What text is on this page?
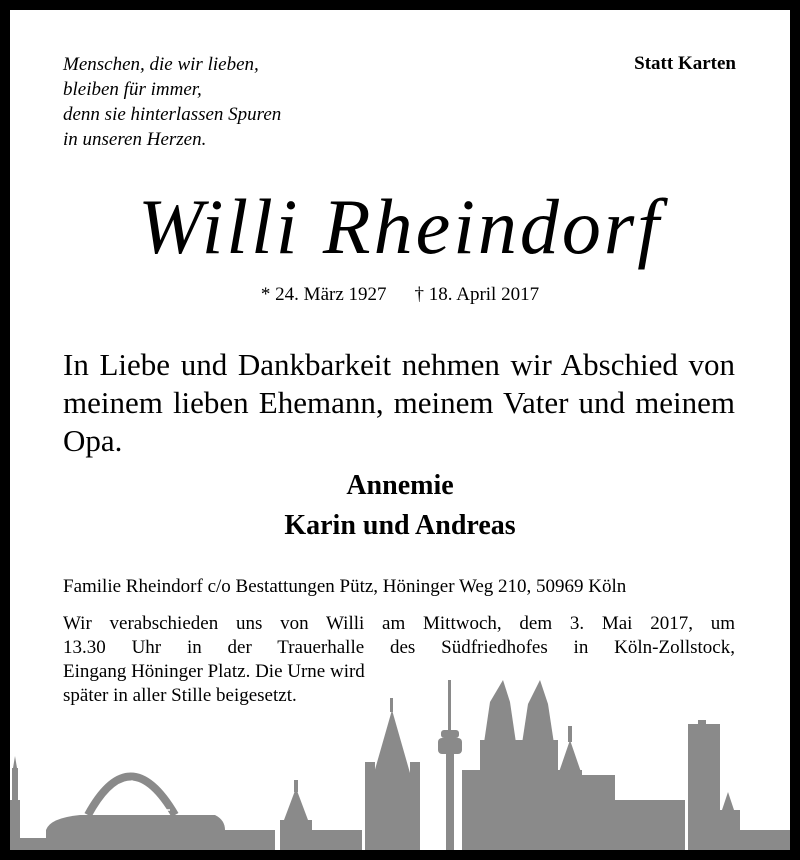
Menschen, die wir lieben,
bleiben für immer,
denn sie hinterlassen Spuren
in unseren Herzen.
Statt Karten
Willi Rheindorf
* 24. März 1927 † 18. April 2017
In Liebe und Dankbarkeit nehmen wir Abschied von meinem lieben Ehemann, meinem Vater und meinem Opa.
Annemie
Karin und Andreas
Familie Rheindorf c/o Bestattungen Pütz, Höninger Weg 210, 50969 Köln
Wir verabschieden uns von Willi am Mittwoch, dem 3. Mai 2017, um
13.30 Uhr in der Trauerhalle des Südfriedhofes in Köln-Zollstock,
Eingang Höninger Platz. Die Urne wird
später in aller Stille beigesetzt.
